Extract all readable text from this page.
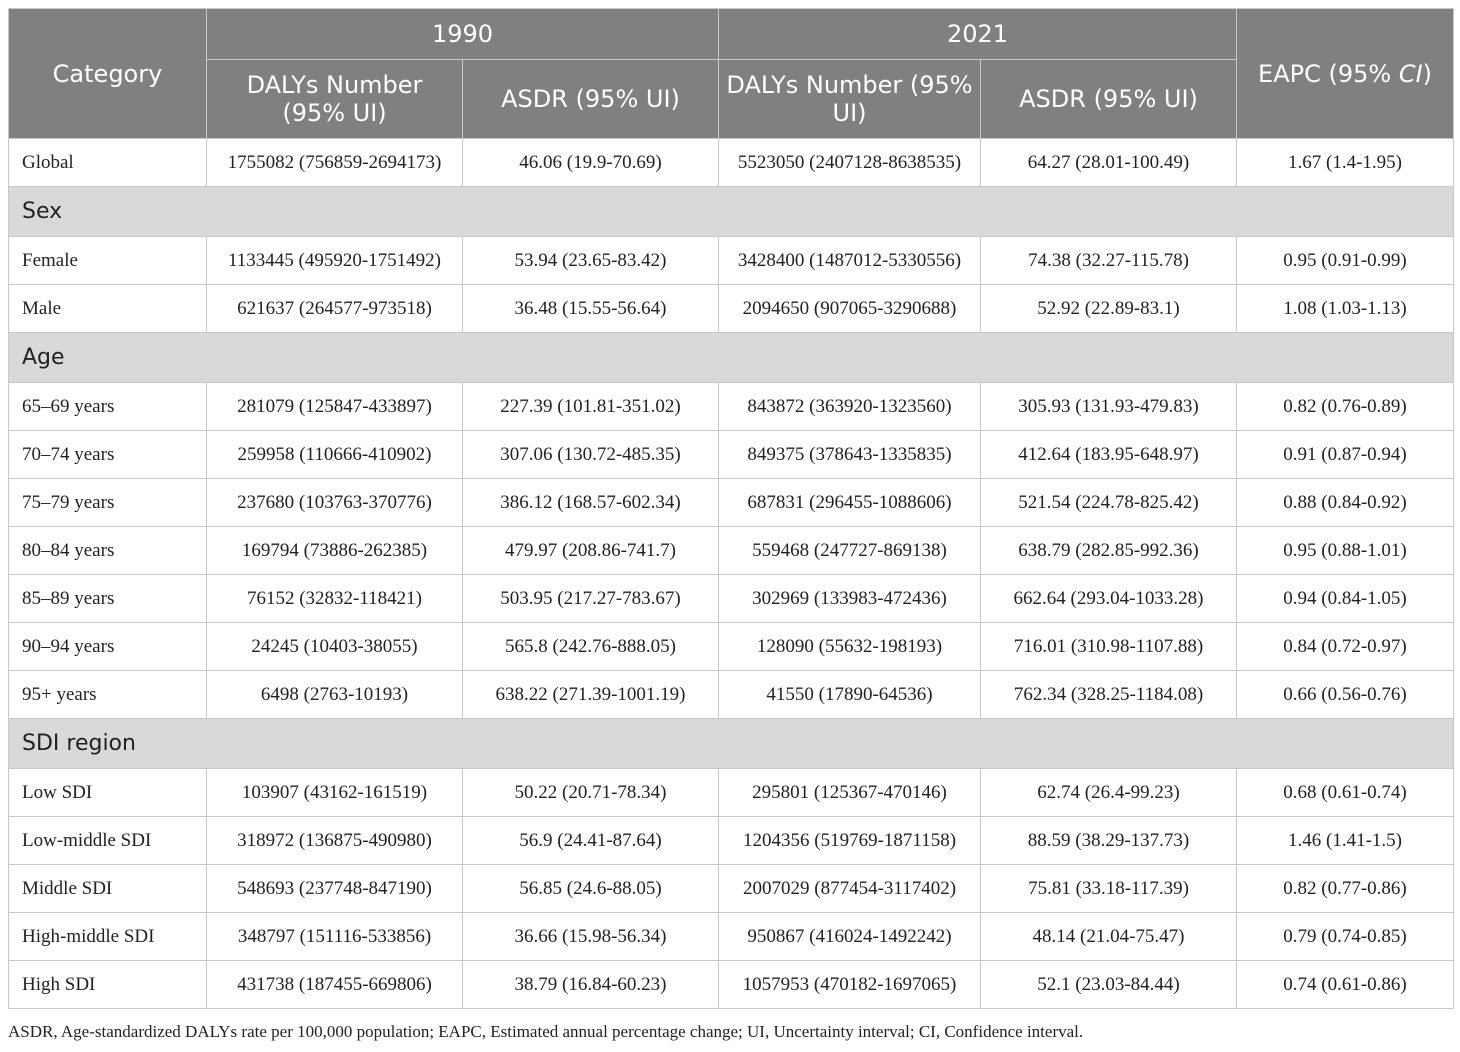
Category	1990		2021		EAPC (95% CI)
	DALYs Number (95% UI)	ASDR (95% UI)	DALYs Number (95% UI)	ASDR (95% UI)	
Global	1755082 (756859-2694173)	46.06 (19.9-70.69)	5523050 (2407128-8638535)	64.27 (28.01-100.49)	1.67 (1.4-1.95)
Sex					
Female	1133445 (495920-1751492)	53.94 (23.65-83.42)	3428400 (1487012-5330556)	74.38 (32.27-115.78)	0.95 (0.91-0.99)
Male	621637 (264577-973518)	36.48 (15.55-56.64)	2094650 (907065-3290688)	52.92 (22.89-83.1)	1.08 (1.03-1.13)
Age					
65–69 years	281079 (125847-433897)	227.39 (101.81-351.02)	843872 (363920-1323560)	305.93 (131.93-479.83)	0.82 (0.76-0.89)
70–74 years	259958 (110666-410902)	307.06 (130.72-485.35)	849375 (378643-1335835)	412.64 (183.95-648.97)	0.91 (0.87-0.94)
75–79 years	237680 (103763-370776)	386.12 (168.57-602.34)	687831 (296455-1088606)	521.54 (224.78-825.42)	0.88 (0.84-0.92)
80–84 years	169794 (73886-262385)	479.97 (208.86-741.7)	559468 (247727-869138)	638.79 (282.85-992.36)	0.95 (0.88-1.01)
85–89 years	76152 (32832-118421)	503.95 (217.27-783.67)	302969 (133983-472436)	662.64 (293.04-1033.28)	0.94 (0.84-1.05)
90–94 years	24245 (10403-38055)	565.8 (242.76-888.05)	128090 (55632-198193)	716.01 (310.98-1107.88)	0.84 (0.72-0.97)
95+ years	6498 (2763-10193)	638.22 (271.39-1001.19)	41550 (17890-64536)	762.34 (328.25-1184.08)	0.66 (0.56-0.76)
SDI region					
Low SDI	103907 (43162-161519)	50.22 (20.71-78.34)	295801 (125367-470146)	62.74 (26.4-99.23)	0.68 (0.61-0.74)
Low-middle SDI	318972 (136875-490980)	56.9 (24.41-87.64)	1204356 (519769-1871158)	88.59 (38.29-137.73)	1.46 (1.41-1.5)
Middle SDI	548693 (237748-847190)	56.85 (24.6-88.05)	2007029 (877454-3117402)	75.81 (33.18-117.39)	0.82 (0.77-0.86)
High-middle SDI	348797 (151116-533856)	36.66 (15.98-56.34)	950867 (416024-1492242)	48.14 (21.04-75.47)	0.79 (0.74-0.85)
High SDI	431738 (187455-669806)	38.79 (16.84-60.23)	1057953 (470182-1697065)	52.1 (23.03-84.44)	0.74 (0.61-0.86)
ASDR, Age-standardized DALYs rate per 100,000 population; EAPC, Estimated annual percentage change; UI, Uncertainty interval; CI, Confidence interval.
